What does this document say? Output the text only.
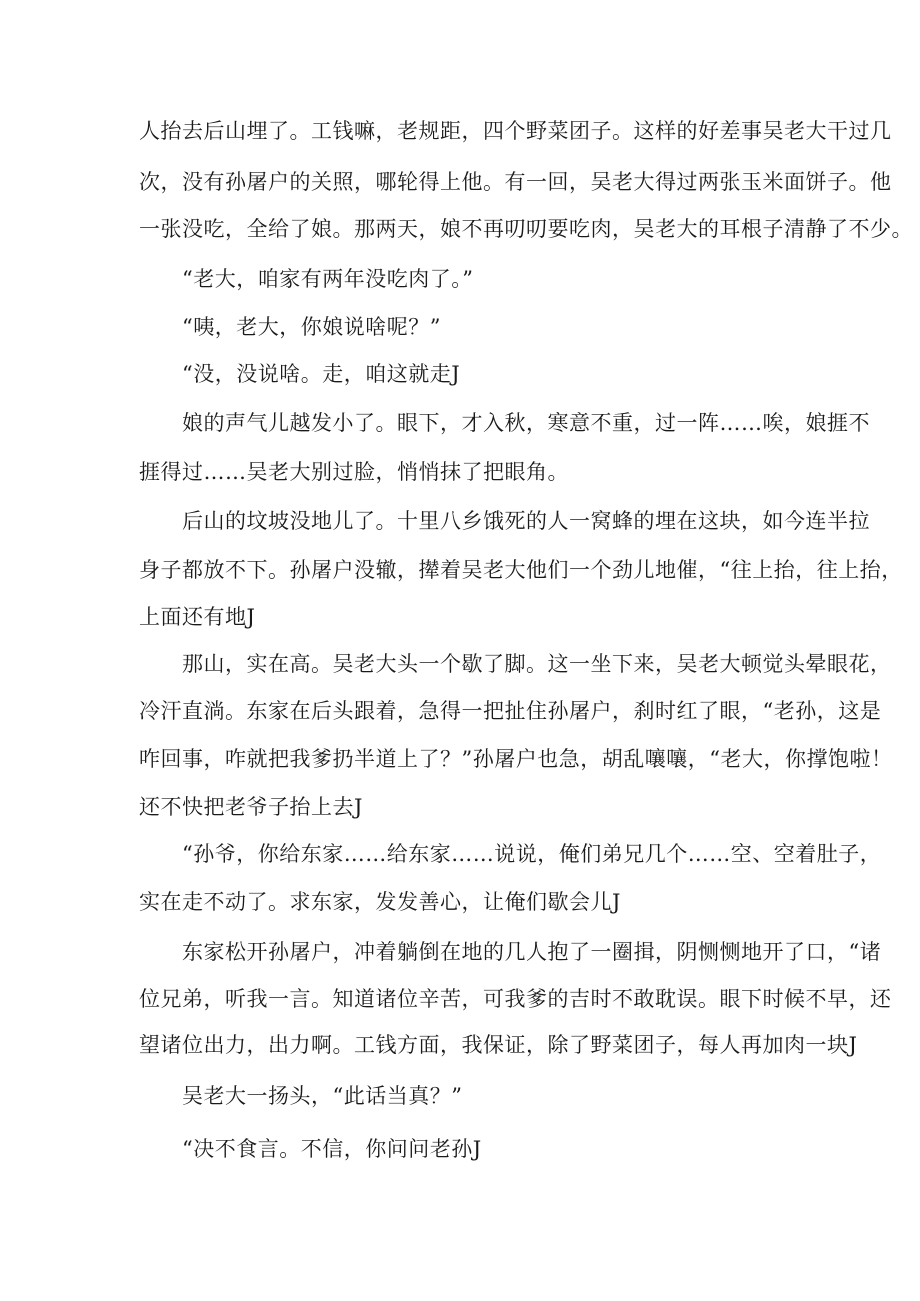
人抬去后山埋了。工钱嘛，老规距，四个野菜团子。这样的好差事吴老大干过几
次，没有孙屠户的关照，哪轮得上他。有一回，吴老大得过两张玉米面饼子。他
一张没吃，全给了娘。那两天，娘不再叨叨要吃肉，吴老大的耳根子清静了不少。
“老大，咱家有两年没吃肉了。”
“咦，老大，你娘说啥呢？”
“没，没说啥。走，咱这就走J
娘的声气儿越发小了。眼下，才入秋，寒意不重，过一阵……唉，娘捱不
捱得过……吴老大别过脸，悄悄抹了把眼角。
后山的坟坡没地儿了。十里八乡饿死的人一窝蜂的埋在这块，如今连半拉
身子都放不下。孙屠户没辙，撵着吴老大他们一个劲儿地催，“往上抬，往上抬，
上面还有地J
那山，实在高。吴老大头一个歇了脚。这一坐下来，吴老大顿觉头晕眼花，
冷汗直淌。东家在后头跟着，急得一把扯住孙屠户，刹时红了眼，“老孙，这是
咋回事，咋就把我爹扔半道上了？”孙屠户也急，胡乱嚷嚷，“老大，你撑饱啦！
还不快把老爷子抬上去J
“孙爷，你给东家……给东家……说说，俺们弟兄几个……空、空着肚子，
实在走不动了。求东家，发发善心，让俺们歇会儿J
东家松开孙屠户，冲着躺倒在地的几人抱了一圈揖，阴恻恻地开了口，“诸
位兄弟，听我一言。知道诸位辛苦，可我爹的吉时不敢耽误。眼下时候不早，还
望诸位出力，出力啊。工钱方面，我保证，除了野菜团子，每人再加肉一块J
吴老大一扬头，“此话当真？”
“决不食言。不信，你问问老孙J
